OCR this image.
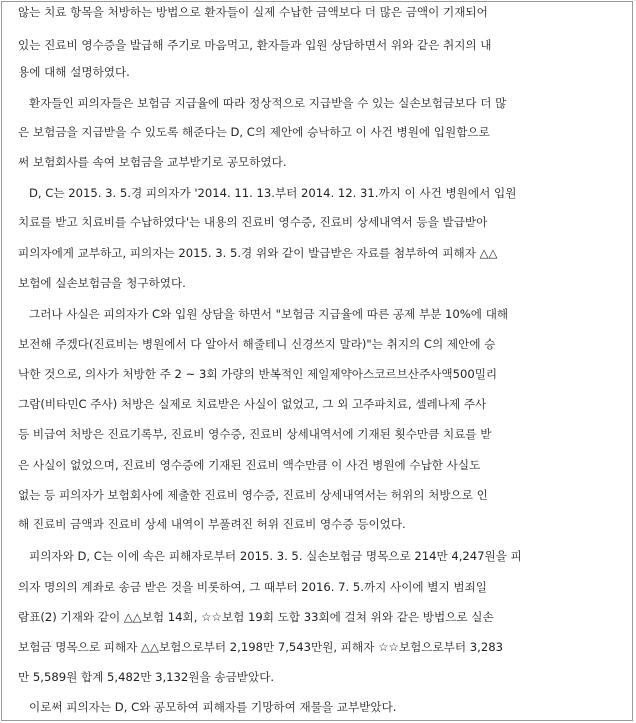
않는 치료 항목을 처방하는 방법으로 환자들이 실제 수납한 금액보다 더 많은 금액이 기재되어
있는 진료비 영수증을 발급해 주기로 마음먹고, 환자들과 입원 상담하면서 위와 같은 취지의 내
용에 대해 설명하였다.
환자들인 피의자들은 보험금 지급율에 따라 정상적으로 지급받을 수 있는 실손보험금보다 더 많
은 보험금을 지급받을 수 있도록 해준다는 D, C의 제안에 승낙하고 이 사건 병원에 입원함으로
써 보험회사를 속여 보험금을 교부받기로 공모하였다.
D, C는 2015. 3. 5.경 피의자가 '2014. 11. 13.부터 2014. 12. 31.까지 이 사건 병원에서 입원
치료를 받고 치료비를 수납하였다'는 내용의 진료비 영수증, 진료비 상세내역서 등을 발급받아
피의자에게 교부하고, 피의자는 2015. 3. 5.경 위와 같이 발급받은 자료를 첨부하여 피해자 △△
보험에 실손보험금을 청구하였다.
그러나 사실은 피의자가 C와 입원 상담을 하면서 "보험금 지급율에 따른 공제 부분 10%에 대해
보전해 주겠다(진료비는 병원에서 다 알아서 해줄테니 신경쓰지 말라)"는 취지의 C의 제안에 승
낙한 것으로, 의사가 처방한 주 2 ~ 3회 가량의 반복적인 제일제약아스코르브산주사액500밀리
그람(비타민C 주사) 처방은 실제로 치료받은 사실이 없었고, 그 외 고주파치료, 셀레나제 주사
등 비급여 처방은 진료기록부, 진료비 영수증, 진료비 상세내역서에 기재된 횟수만큼 치료를 받
은 사실이 없었으며, 진료비 영수증에 기재된 진료비 액수만큼 이 사건 병원에 수납한 사실도
없는 등 피의자가 보험회사에 제출한 진료비 영수증, 진료비 상세내역서는 허위의 처방으로 인
해 진료비 금액과 진료비 상세 내역이 부풀려진 허위 진료비 영수증 등이었다.
피의자와 D, C는 이에 속은 피해자로부터 2015. 3. 5. 실손보험금 명목으로 214만 4,247원을 피
의자 명의의 계좌로 송금 받은 것을 비롯하여, 그 때부터 2016. 7. 5.까지 사이에 별지 범죄일
람표(2) 기재와 같이 △△보험 14회, ☆☆보험 19회 도합 33회에 걸쳐 위와 같은 방법으로 실손
보험금 명목으로 피해자 △△보험으로부터 2,198만 7,543만원, 피해자 ☆☆보험으로부터 3,283
만 5,589원 합계 5,482만 3,132원을 송금받았다.
이로써 피의자는 D, C와 공모하여 피해자를 기망하여 재물을 교부받았다.
